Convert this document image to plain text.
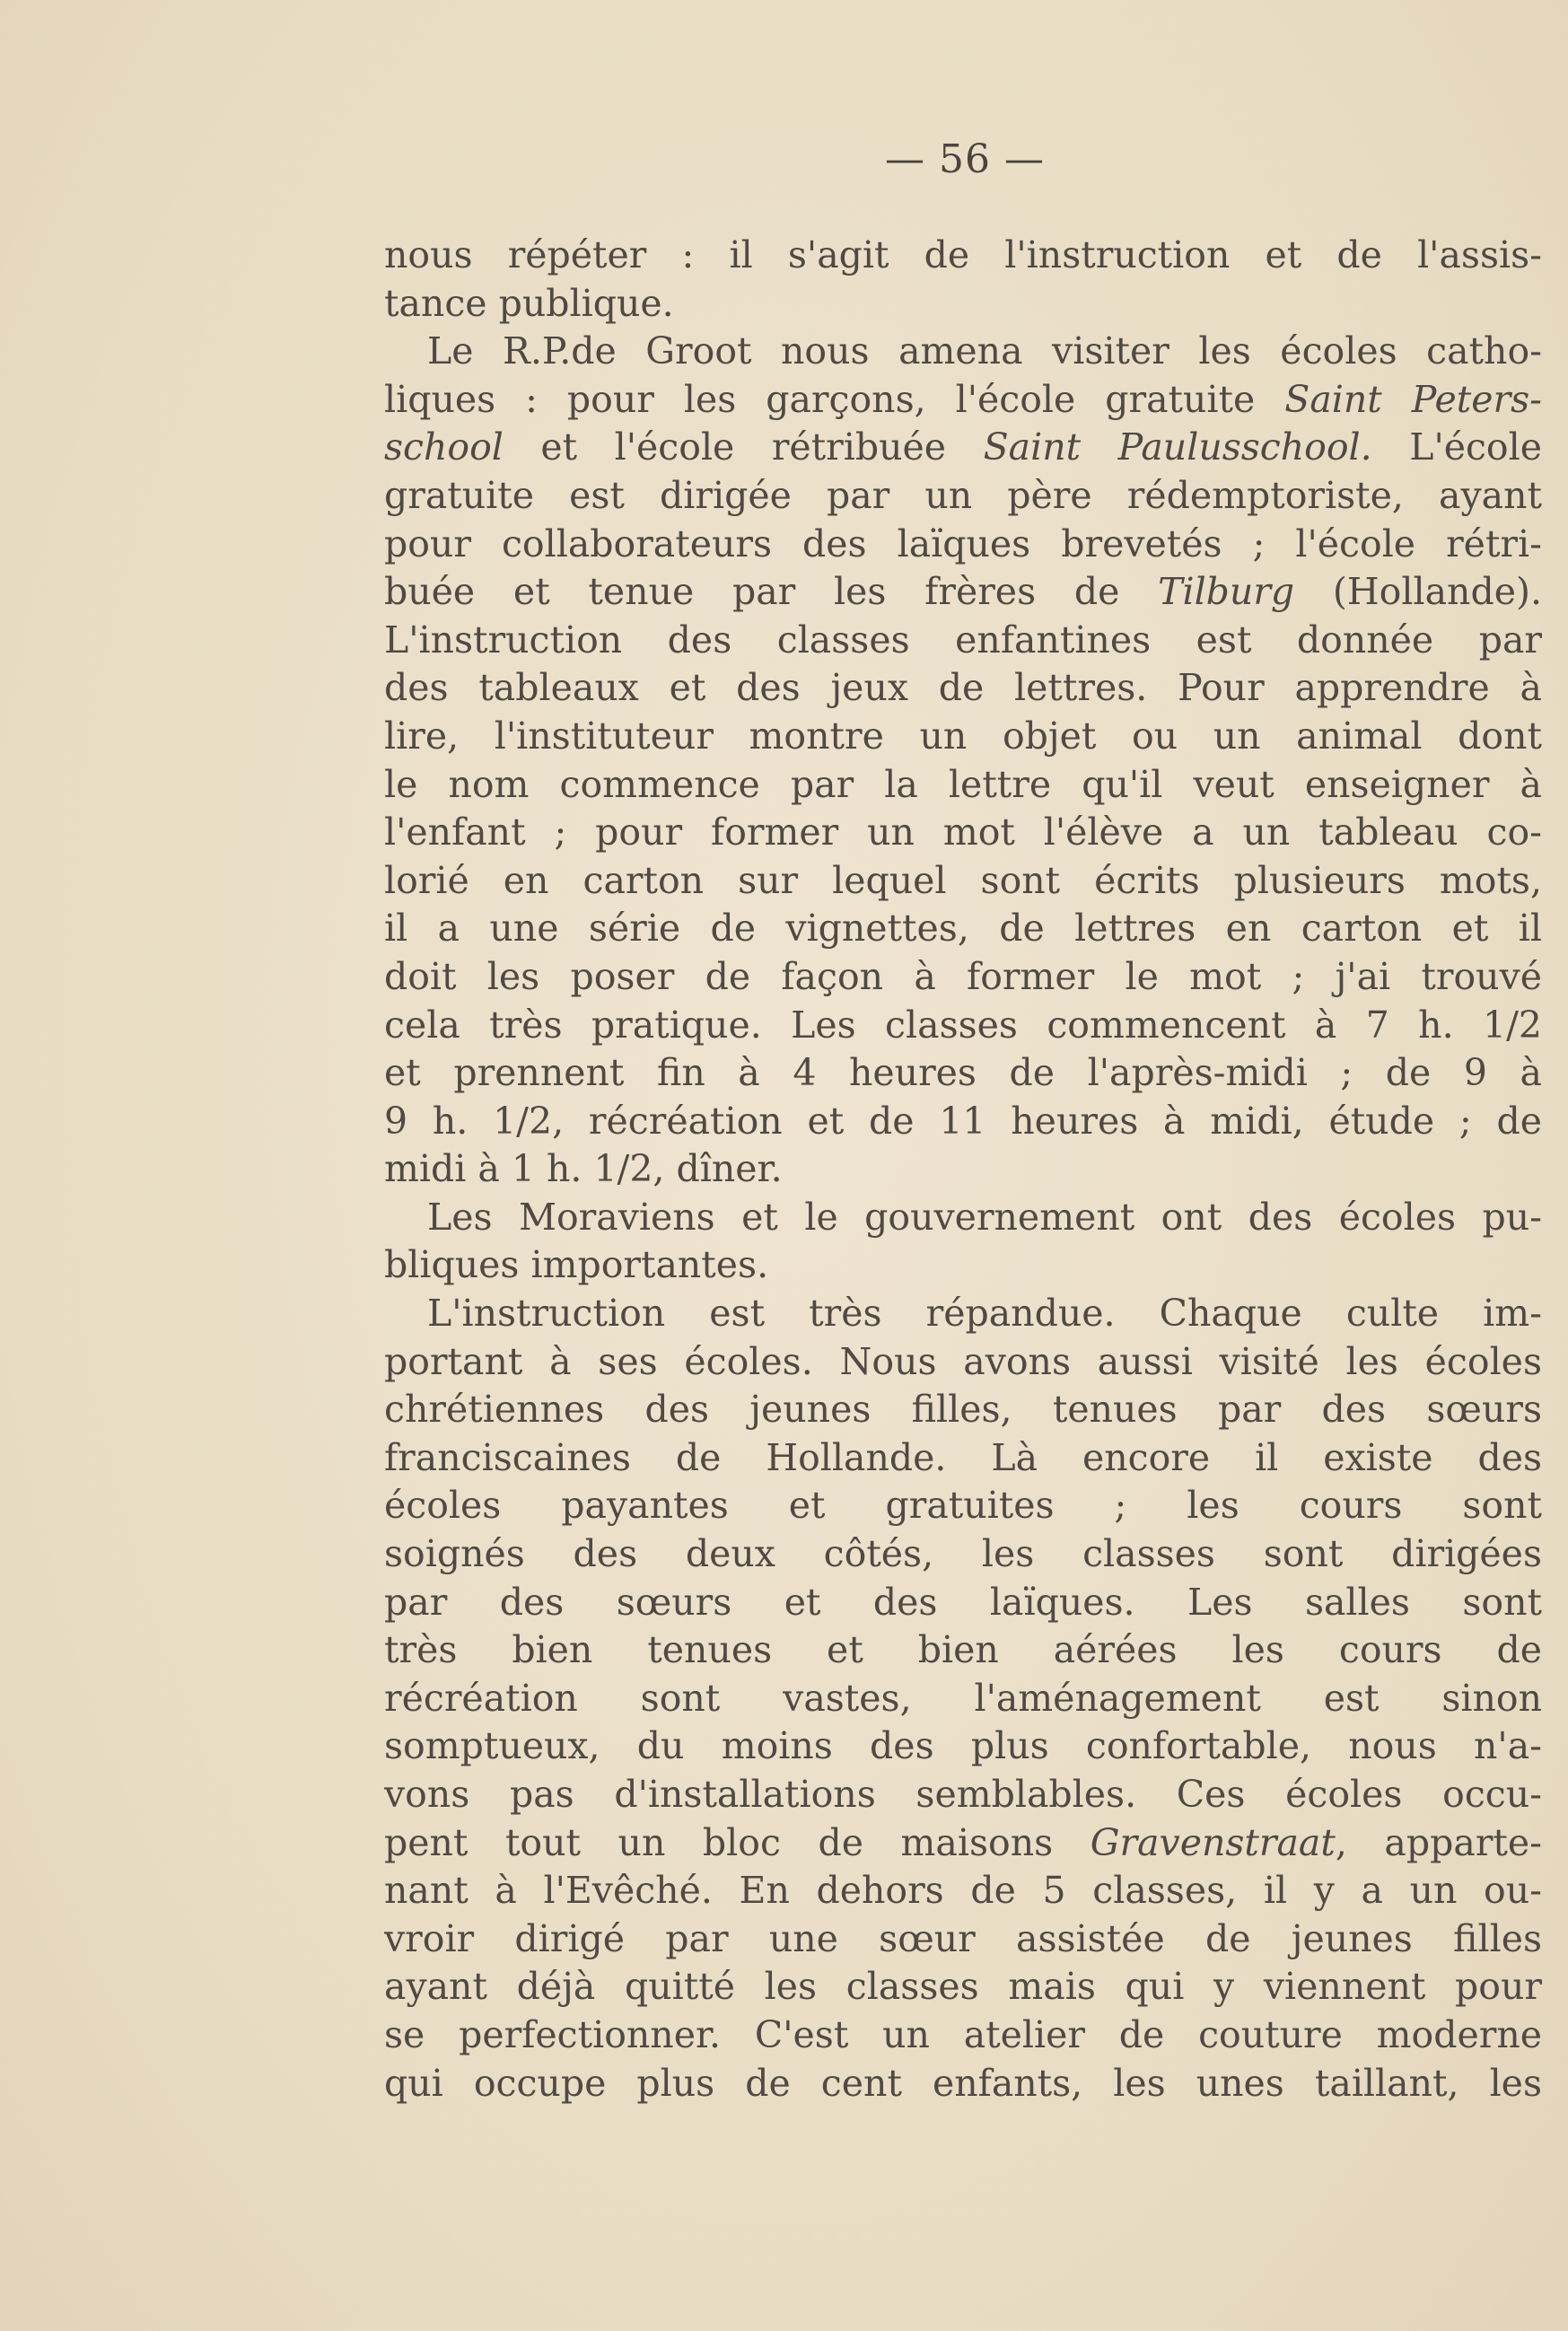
— 56 —
nous répéter : il s'agit de l'instruction et de l'assis-
tance publique.
Le R.P.de Groot nous amena visiter les écoles catho-
liques : pour les garçons, l'école gratuite Saint Peters-
school et l'école rétribuée Saint Paulusschool. L'école
gratuite est dirigée par un père rédemptoriste, ayant
pour collaborateurs des laïques brevetés ; l'école rétri-
buée et tenue par les frères de Tilburg (Hollande).
L'instruction des classes enfantines est donnée par
des tableaux et des jeux de lettres. Pour apprendre à
lire, l'instituteur montre un objet ou un animal dont
le nom commence par la lettre qu'il veut enseigner à
l'enfant ; pour former un mot l'élève a un tableau co-
lorié en carton sur lequel sont écrits plusieurs mots,
il a une série de vignettes, de lettres en carton et il
doit les poser de façon à former le mot ; j'ai trouvé
cela très pratique. Les classes commencent à 7 h. 1/2
et prennent fin à 4 heures de l'après-midi ; de 9 à
9 h. 1/2, récréation et de 11 heures à midi, étude ; de
midi à 1 h. 1/2, dîner.
Les Moraviens et le gouvernement ont des écoles pu-
bliques importantes.
L'instruction est très répandue. Chaque culte im-
portant à ses écoles. Nous avons aussi visité les écoles
chrétiennes des jeunes filles, tenues par des sœurs
franciscaines de Hollande. Là encore il existe des
écoles payantes et gratuites ; les cours sont
soignés des deux côtés, les classes sont dirigées
par des sœurs et des laïques. Les salles sont
très bien tenues et bien aérées les cours de
récréation sont vastes, l'aménagement est sinon
somptueux, du moins des plus confortable, nous n'a-
vons pas d'installations semblables. Ces écoles occu-
pent tout un bloc de maisons Gravenstraat, apparte-
nant à l'Evêché. En dehors de 5 classes, il y a un ou-
vroir dirigé par une sœur assistée de jeunes filles
ayant déjà quitté les classes mais qui y viennent pour
se perfectionner. C'est un atelier de couture moderne
qui occupe plus de cent enfants, les unes taillant, les
